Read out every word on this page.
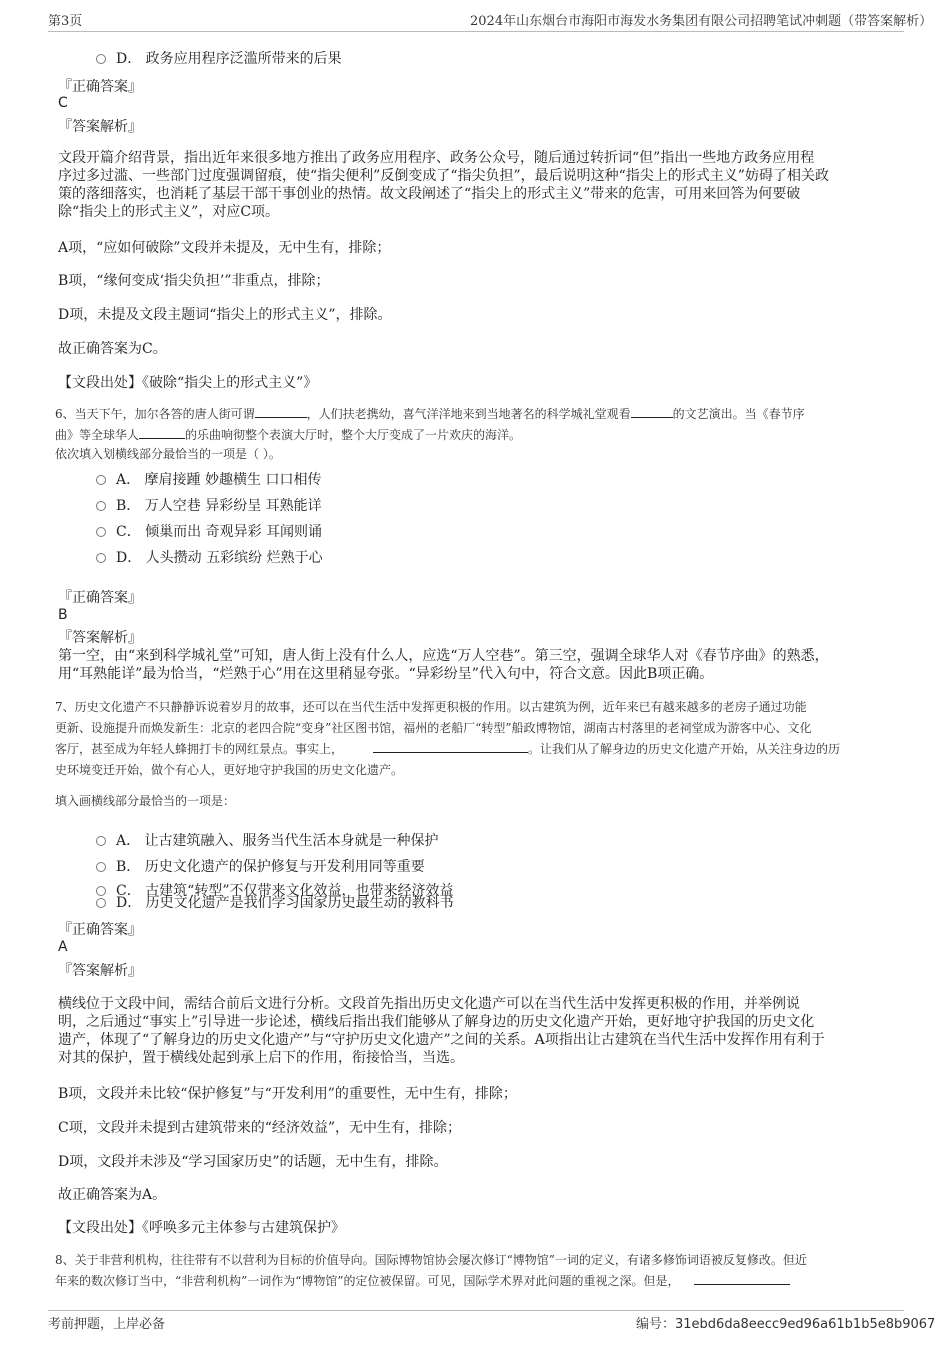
第3页	2024年山东烟台市海阳市海发水务集团有限公司招聘笔试冲刺题（带答案解析）
D． 政务应用程序泛滥所带来的后果
『正确答案』
C
『答案解析』
文段开篇介绍背景，指出近年来很多地方推出了政务应用程序、政务公众号，随后通过转折词“但”指出一些地方政务应用程
序过多过滥、一些部门过度强调留痕，使“指尖便利”反倒变成了“指尖负担”，最后说明这种“指尖上的形式主义”妨碍了相关政
策的落细落实，也消耗了基层干部干事创业的热情。故文段阐述了“指尖上的形式主义”带来的危害，可用来回答为何要破
除“指尖上的形式主义”，对应C项。
A项，“应如何破除”文段并未提及，无中生有，排除；
B项，“缘何变成‘指尖负担’”非重点，排除；
D项，未提及文段主题词“指尖上的形式主义”，排除。
故正确答案为C。
【文段出处】《破除“指尖上的形式主义”》
6、当天下午，加尔各答的唐人街可谓	，人们扶老携幼，喜气洋洋地来到当地著名的科学城礼堂观看	的文艺演出。当《春节序
曲》等全球华人	的乐曲响彻整个表演大厅时，整个大厅变成了一片欢庆的海洋。
依次填入划横线部分最恰当的一项是（ ）。
A． 摩肩接踵 妙趣横生 口口相传
B． 万人空巷 异彩纷呈 耳熟能详
C． 倾巢而出 奇观异彩 耳闻则诵
D． 人头攒动 五彩缤纷 烂熟于心
『正确答案』
B
『答案解析』
第一空，由“来到科学城礼堂”可知，唐人街上没有什么人，应选“万人空巷”。第三空，强调全球华人对《春节序曲》的熟悉，
用“耳熟能详”最为恰当，“烂熟于心”用在这里稍显夸张。“异彩纷呈”代入句中，符合文意。因此B项正确。
7、历史文化遗产不只静静诉说着岁月的故事，还可以在当代生活中发挥更积极的作用。以古建筑为例，近年来已有越来越多的老房子通过功能
更新、设施提升而焕发新生：北京的老四合院“变身”社区图书馆，福州的老船厂“转型”船政博物馆，湖南古村落里的老祠堂成为游客中心、文化
客厅，甚至成为年轻人蜂拥打卡的网红景点。事实上，	。让我们从了解身边的历史文化遗产开始，从关注身边的历
史环境变迁开始，做个有心人，更好地守护我国的历史文化遗产。
填入画横线部分最恰当的一项是：
A． 让古建筑融入、服务当代生活本身就是一种保护
B． 历史文化遗产的保护修复与开发利用同等重要
C． 古建筑“转型”不仅带来文化效益，也带来经济效益
D． 历史文化遗产是我们学习国家历史最生动的教科书
『正确答案』
A
『答案解析』
横线位于文段中间，需结合前后文进行分析。文段首先指出历史文化遗产可以在当代生活中发挥更积极的作用，并举例说
明，之后通过“事实上”引导进一步论述，横线后指出我们能够从了解身边的历史文化遗产开始，更好地守护我国的历史文化
遗产，体现了“了解身边的历史文化遗产”与“守护历史文化遗产”之间的关系。A项指出让古建筑在当代生活中发挥作用有利于
对其的保护，置于横线处起到承上启下的作用，衔接恰当，当选。
B项，文段并未比较“保护修复”与“开发利用”的重要性，无中生有，排除；
C项，文段并未提到古建筑带来的“经济效益”，无中生有，排除；
D项，文段并未涉及“学习国家历史”的话题，无中生有，排除。
故正确答案为A。
【文段出处】《呼唤多元主体参与古建筑保护》
8、关于非营利机构，往往带有不以营利为目标的价值导向。国际博物馆协会屡次修订“博物馆”一词的定义，有诸多修饰词语被反复修改。但近
年来的数次修订当中，“非营利机构”一词作为“博物馆”的定位被保留。可见，国际学术界对此问题的重视之深。但是，
考前押题，上岸必备	编号：31ebd6da8eecc9ed96a61b1b5e8b9067
